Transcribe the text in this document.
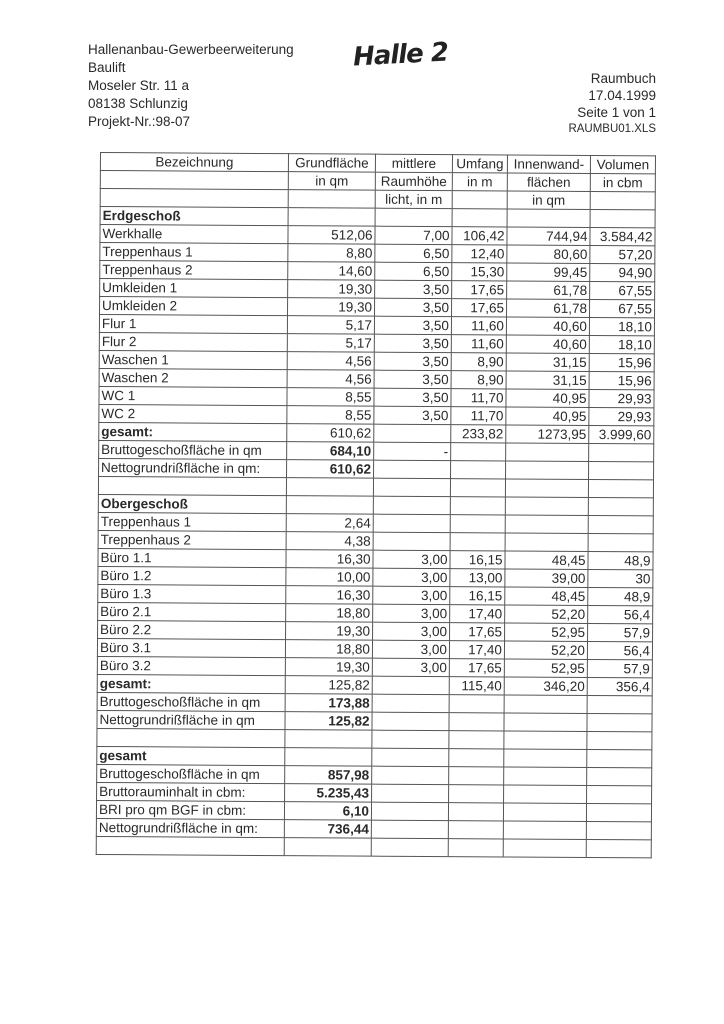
Hallenanbau-Gewerbeerweiterung
Baulift
Moseler Str. 11 a
08138 Schlunzig
Projekt-Nr.:98-07
Halle 2
Raumbuch
17.04.1999
Seite 1 von 1
RAUMBU01.XLS
Bezeichnung	Grundfläche	mittlere	Umfang	Innenwand-	Volumen
	in qm	Raumhöhe	in m	flächen	in cbm
		licht, in m		in qm	
Erdgeschoß					
Werkhalle	512,06	7,00	106,42	744,94	3.584,42
Treppenhaus 1	8,80	6,50	12,40	80,60	57,20
Treppenhaus 2	14,60	6,50	15,30	99,45	94,90
Umkleiden 1	19,30	3,50	17,65	61,78	67,55
Umkleiden 2	19,30	3,50	17,65	61,78	67,55
Flur 1	5,17	3,50	11,60	40,60	18,10
Flur 2	5,17	3,50	11,60	40,60	18,10
Waschen 1	4,56	3,50	8,90	31,15	15,96
Waschen 2	4,56	3,50	8,90	31,15	15,96
WC 1	8,55	3,50	11,70	40,95	29,93
WC 2	8,55	3,50	11,70	40,95	29,93
gesamt:	610,62		233,82	1273,95	3.999,60
Bruttogeschoßfläche in qm	684,10	-			
Nettogrundrißfläche in qm:	610,62				

Obergeschoß					
Treppenhaus 1	2,64				
Treppenhaus 2	4,38				
Büro 1.1	16,30	3,00	16,15	48,45	48,9
Büro 1.2	10,00	3,00	13,00	39,00	30
Büro 1.3	16,30	3,00	16,15	48,45	48,9
Büro 2.1	18,80	3,00	17,40	52,20	56,4
Büro 2.2	19,30	3,00	17,65	52,95	57,9
Büro 3.1	18,80	3,00	17,40	52,20	56,4
Büro 3.2	19,30	3,00	17,65	52,95	57,9
gesamt:	125,82		115,40	346,20	356,4
Bruttogeschoßfläche in qm	173,88				
Nettogrundrißfläche in qm	125,82				

gesamt					
Bruttogeschoßfläche in qm	857,98				
Bruttorauminhalt in cbm:	5.235,43				
BRI pro qm BGF in cbm:	6,10				
Nettogrundrißfläche in qm:	736,44				
